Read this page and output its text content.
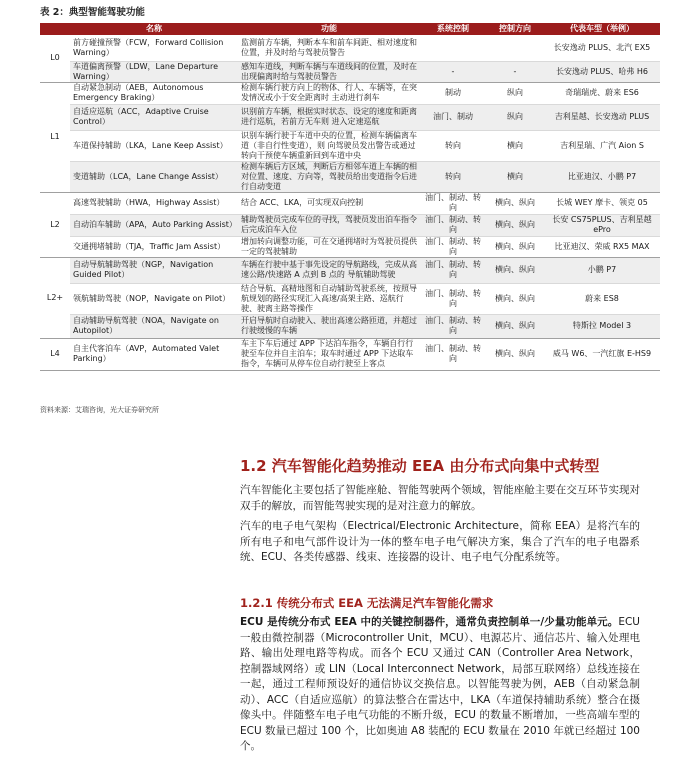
表 2：典型智能驾驶功能
	名称	功能	系统控制	控制方向	代表车型（举例）
L0	前方碰撞预警（FCW，Forward Collision Warning）	监测前方车辆，判断本车和前车间距、相对速度和位置，并及时给与驾驶员警告			长安逸动 PLUS、北汽 EX5
	车道偏离预警（LDW，Lane Departure Warning）	感知车道线，判断车辆与车道线间的位置，及时在出现偏离时给与驾驶员警告	-	-	长安逸动 PLUS、哈弗 H6
L1	自动紧急制动（AEB，Autonomous Emergency Braking）	检测车辆行驶方向上的物体、行人、车辆等，在突发情况或小于安全距离时 主动进行刹车	制动	纵向	奇瑞瑞虎、蔚来 ES6
	自适应巡航（ACC，Adaptive Cruise Control）	识别前方车辆，根据实时状态、设定的速度和距离进行巡航，若前方无车则 进入定速巡航	油门、制动	纵向	吉利星越、长安逸动 PLUS
	车道保持辅助（LKA，Lane Keep Assist）	识别车辆行驶于车道中央的位置，检测车辆偏离车道（非自行性变道），则 向驾驶员发出警告或通过转向干预使车辆重新回到车道中央	转向	横向	吉利星瑞、广汽 Aion S
	变道辅助（LCA，Lane Change Assist）	检测车辆后方区域，判断后方相邻车道上车辆的相对位置、速度、方向等，驾驶员给出变道指令后进行自动变道	转向	横向	比亚迪汉、小鹏 P7
L2	高速驾驶辅助（HWA，Highway Assist）	结合 ACC、LKA，可实现双向控制	油门、制动、转向	横向、纵向	长城 WEY 摩卡、领克 05
	自动泊车辅助（APA，Auto Parking Assist）	辅助驾驶员完成车位的寻找，驾驶员发出泊车指令后完成泊车入位	油门、制动、转向	横向、纵向	长安 CS75PLUS、吉利星越 ePro
	交通拥堵辅助（TJA，Traffic Jam Assist）	增加转向调整功能，可在交通拥堵时为驾驶员提供一定的驾驶辅助	油门、制动、转向	横向、纵向	比亚迪汉、荣威 RX5 MAX
L2+	自动导航辅助驾驶（NGP，Navigation Guided Pilot）	车辆在行驶中基于事先设定的导航路线，完成从高速公路/快速路 A 点到 B 点的 导航辅助驾驶	油门、制动、转向	横向、纵向	小鹏 P7
	领航辅助驾驶（NOP，Navigate on Pilot）	结合导航、高精地图和自动辅助驾驶系统，按照导航规划的路径实现汇入高速/高架主路、巡航行驶、驶离主路等操作	油门、制动、转向	横向、纵向	蔚来 ES8
	自动辅助导航驾驶（NOA，Navigate on Autopilot）	开启导航时自动驶入、驶出高速公路匝道，并超过行驶缓慢的车辆	油门、制动、转向	横向、纵向	特斯拉 Model 3
L4	自主代客泊车（AVP，Automated Valet Parking）	车主下车后通过 APP 下达泊车指令，车辆自行行驶至车位并自主泊车；取车时通过 APP 下达取车指令，车辆可从停车位自动行驶至上客点	油门、制动、转向	横向、纵向	威马 W6、一汽红旗 E-HS9
资料来源：艾瑞咨询，光大证券研究所
1.2 汽车智能化趋势推动 EEA 由分布式向集中式转型

汽车智能化主要包括了智能座舱、智能驾驶两个领域，智能座舱主要在交互环节实现对双手的解放，而智能驾驶实现的是对注意力的解放。

汽车的电子电气架构（Electrical/Electronic Architecture，简称 EEA）是将汽车的所有电子和电气部件设计为一体的整车电子电气解决方案，集合了汽车的电子电器系统、ECU、各类传感器、线束、连接器的设计、电子电气分配系统等。

1.2.1 传统分布式 EEA 无法满足汽车智能化需求

ECU 是传统分布式 EEA 中的关键控制器件，通常负责控制单一/少量功能单元。ECU 一般由微控制器（Microcontroller Unit，MCU）、电源芯片、通信芯片、输入处理电路、输出处理电路等构成。而各个 ECU 又通过 CAN（Controller Area Network，控制器域网络）或 LIN（Local Interconnect Network，局部互联网络）总线连接在一起，通过工程师预设好的通信协议交换信息。以智能驾驶为例，AEB（自动紧急制动）、ACC（自适应巡航）的算法整合在雷达中，LKA（车道保持辅助系统）整合在摄像头中。伴随整车电子电气功能的不断升级，ECU 的数量不断增加，一些高端车型的 ECU 数量已超过 100 个，比如奥迪 A8 装配的 ECU 数量在 2010 年就已经超过 100 个。
